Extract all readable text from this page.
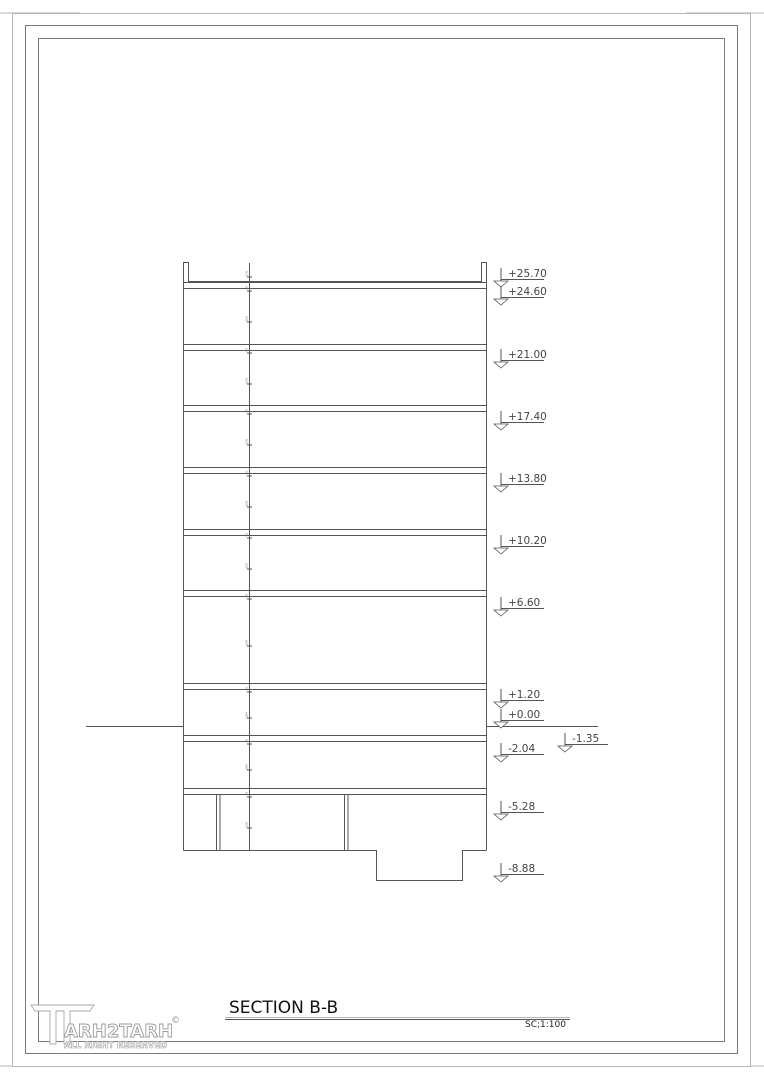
110
40
320
40
320
40
320
40
320
40
320
40
500
40
284
40
284
40
320
+25.70
+24.60
+21.00
+17.40
+13.80
+10.20
+6.60
+1.20
+0.00
-1.35
-2.04
-5.28
-8.88
SECTION B-B
SC;1:100
ARH2TARH
ALL RIGHT RESERVED
©
